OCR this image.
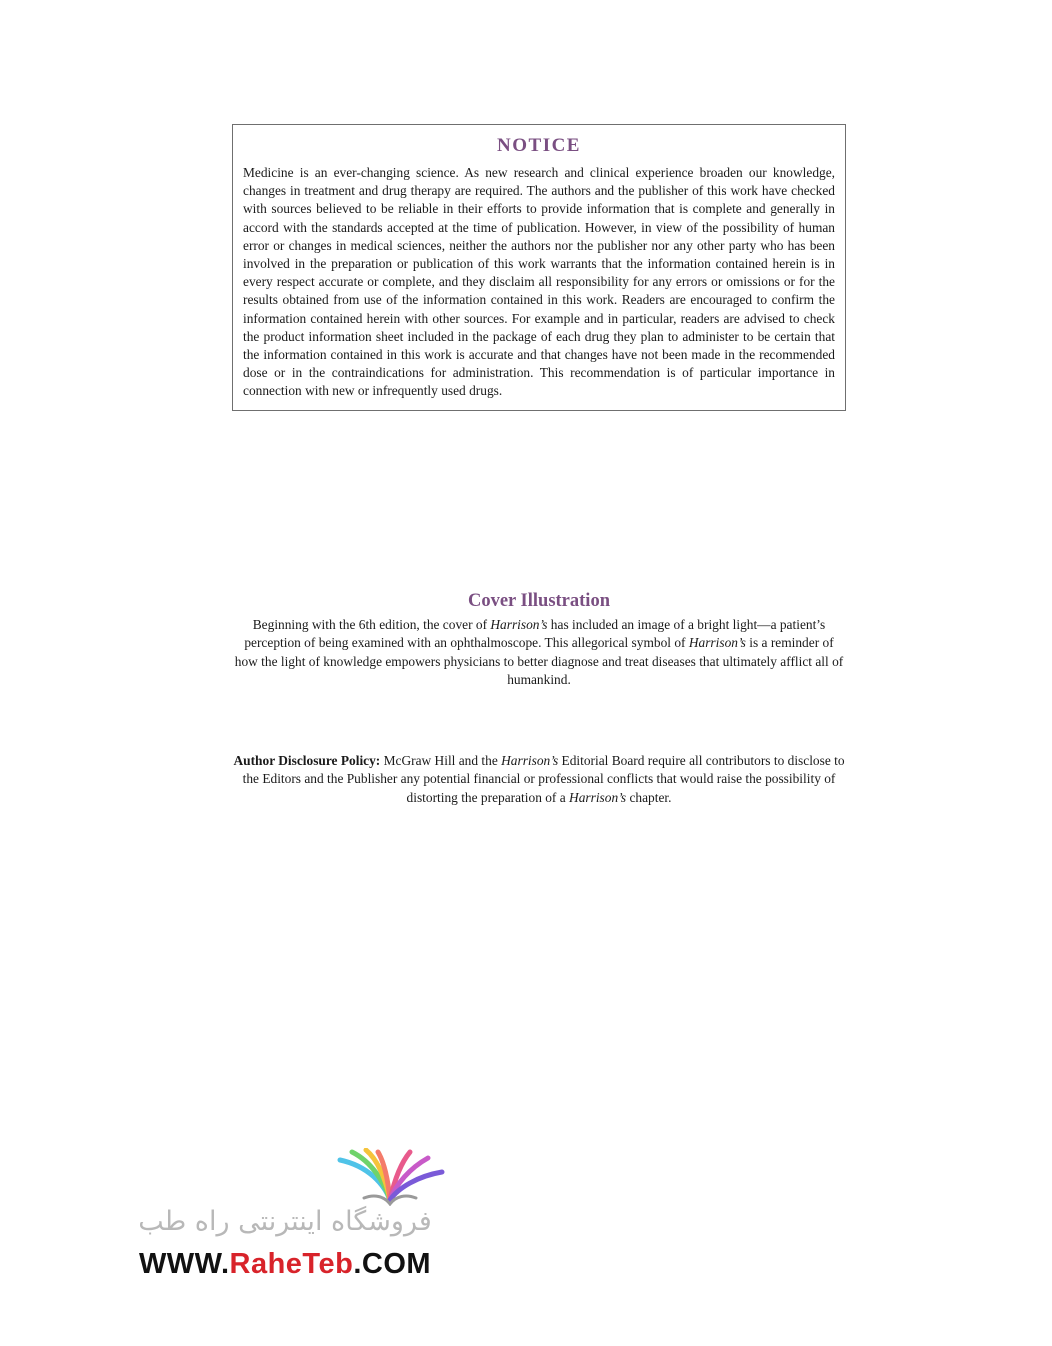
NOTICE

Medicine is an ever-changing science. As new research and clinical experience broaden our knowledge, changes in treatment and drug therapy are required. The authors and the publisher of this work have checked with sources believed to be reliable in their efforts to provide information that is complete and generally in accord with the standards accepted at the time of publication. However, in view of the possibility of human error or changes in medical sciences, neither the authors nor the publisher nor any other party who has been involved in the preparation or publication of this work warrants that the information contained herein is in every respect accurate or complete, and they disclaim all responsibility for any errors or omissions or for the results obtained from use of the information contained in this work. Readers are encouraged to confirm the information contained herein with other sources. For example and in particular, readers are advised to check the product information sheet included in the package of each drug they plan to administer to be certain that the information contained in this work is accurate and that changes have not been made in the recommended dose or in the contraindications for administration. This recommendation is of particular importance in connection with new or infrequently used drugs.

Cover Illustration

Beginning with the 6th edition, the cover of Harrison’s has included an image of a bright light—a patient’s perception of being examined with an ophthalmoscope. This allegorical symbol of Harrison’s is a reminder of how the light of knowledge empowers physicians to better diagnose and treat diseases that ultimately afflict all of humankind.

Author Disclosure Policy: McGraw Hill and the Harrison’s Editorial Board require all contributors to disclose to the Editors and the Publisher any potential financial or professional conflicts that would raise the possibility of distorting the preparation of a Harrison’s chapter.

فروشگاه اینترنتی راه طب
WWW.RaheTeb.COM
